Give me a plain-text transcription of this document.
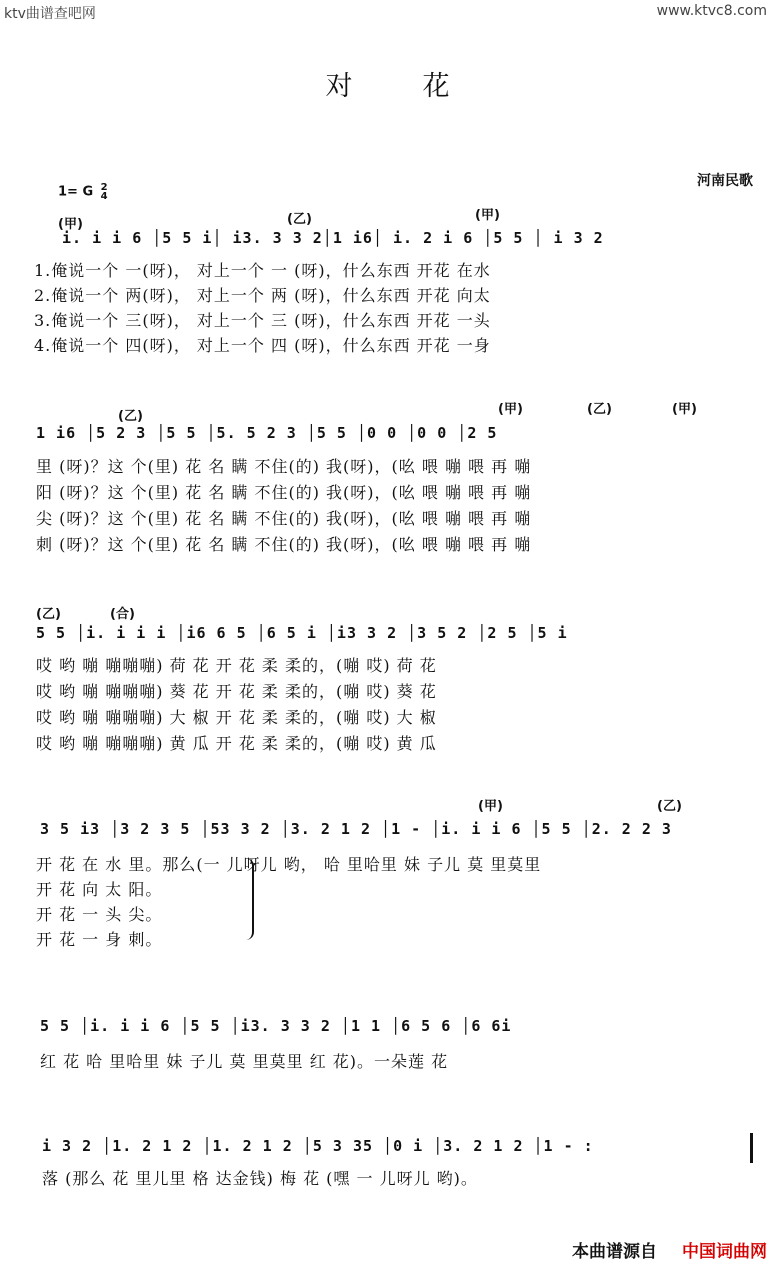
ktv曲谱查吧网	www.ktvc8.com
对花
河南民歌
1= G 2
4
(甲)	(乙)	(甲)
i. i i 6 │5 5 i│ i3. 3 3 2│1 i6│ i. 2 i 6 │5 5 │ i 3 2
1.俺说一个 一(呀)， 对上一个 一 (呀)，什么东西 开花 在水
2.俺说一个 两(呀)， 对上一个 两 (呀)，什么东西 开花 向太
3.俺说一个 三(呀)， 对上一个 三 (呀)，什么东西 开花 一头
4.俺说一个 四(呀)， 对上一个 四 (呀)，什么东西 开花 一身
(乙)	(甲)	(乙)	(甲)
1 i6 │5 2 3 │5 5 │5. 5 2 3 │5 5 │0 0 │0 0 │2 5
里 (呀)？这 个(里) 花 名 瞒 不住(的) 我(呀)，(吆 喂 嘣 喂 再 嘣
阳 (呀)？这 个(里) 花 名 瞒 不住(的) 我(呀)，(吆 喂 嘣 喂 再 嘣
尖 (呀)？这 个(里) 花 名 瞒 不住(的) 我(呀)，(吆 喂 嘣 喂 再 嘣
刺 (呀)？这 个(里) 花 名 瞒 不住(的) 我(呀)，(吆 喂 嘣 喂 再 嘣
(乙)	(合)
5 5 │i. i i i │i6 6 5 │6 5 i │i3 3 2 │3 5 2 │2 5 │5 i
哎 哟 嘣 嘣嘣嘣) 荷 花 开 花 柔 柔的，(嘣 哎) 荷 花
哎 哟 嘣 嘣嘣嘣) 葵 花 开 花 柔 柔的，(嘣 哎) 葵 花
哎 哟 嘣 嘣嘣嘣) 大 椒 开 花 柔 柔的，(嘣 哎) 大 椒
哎 哟 嘣 嘣嘣嘣) 黄 瓜 开 花 柔 柔的，(嘣 哎) 黄 瓜
(甲)	(乙)
3 5 i3 │3 2 3 5 │53 3 2 │3. 2 1 2 │1 - │i. i i 6 │5 5 │2. 2 2 3
开 花 在 水 里。那么(一 儿呀儿 哟， 哈 里哈里 妹 子儿 莫 里莫里
开 花 向 太 阳。
开 花 一 头 尖。
开 花 一 身 刺。
5 5 │i. i i 6 │5 5 │i3. 3 3 2 │1 1 │6 5 6 │6 6i
红 花 哈 里哈里 妹 子儿 莫 里莫里 红 花)。一朵莲 花
i 3 2 │1. 2 1 2 │1. 2 1 2 │5 3 35 │0 i │3. 2 1 2 │1 - :
落 (那么 花 里儿里 格 达金钱) 梅 花 (嘿 一 儿呀儿 哟)。
本曲谱源自 中国词曲网
